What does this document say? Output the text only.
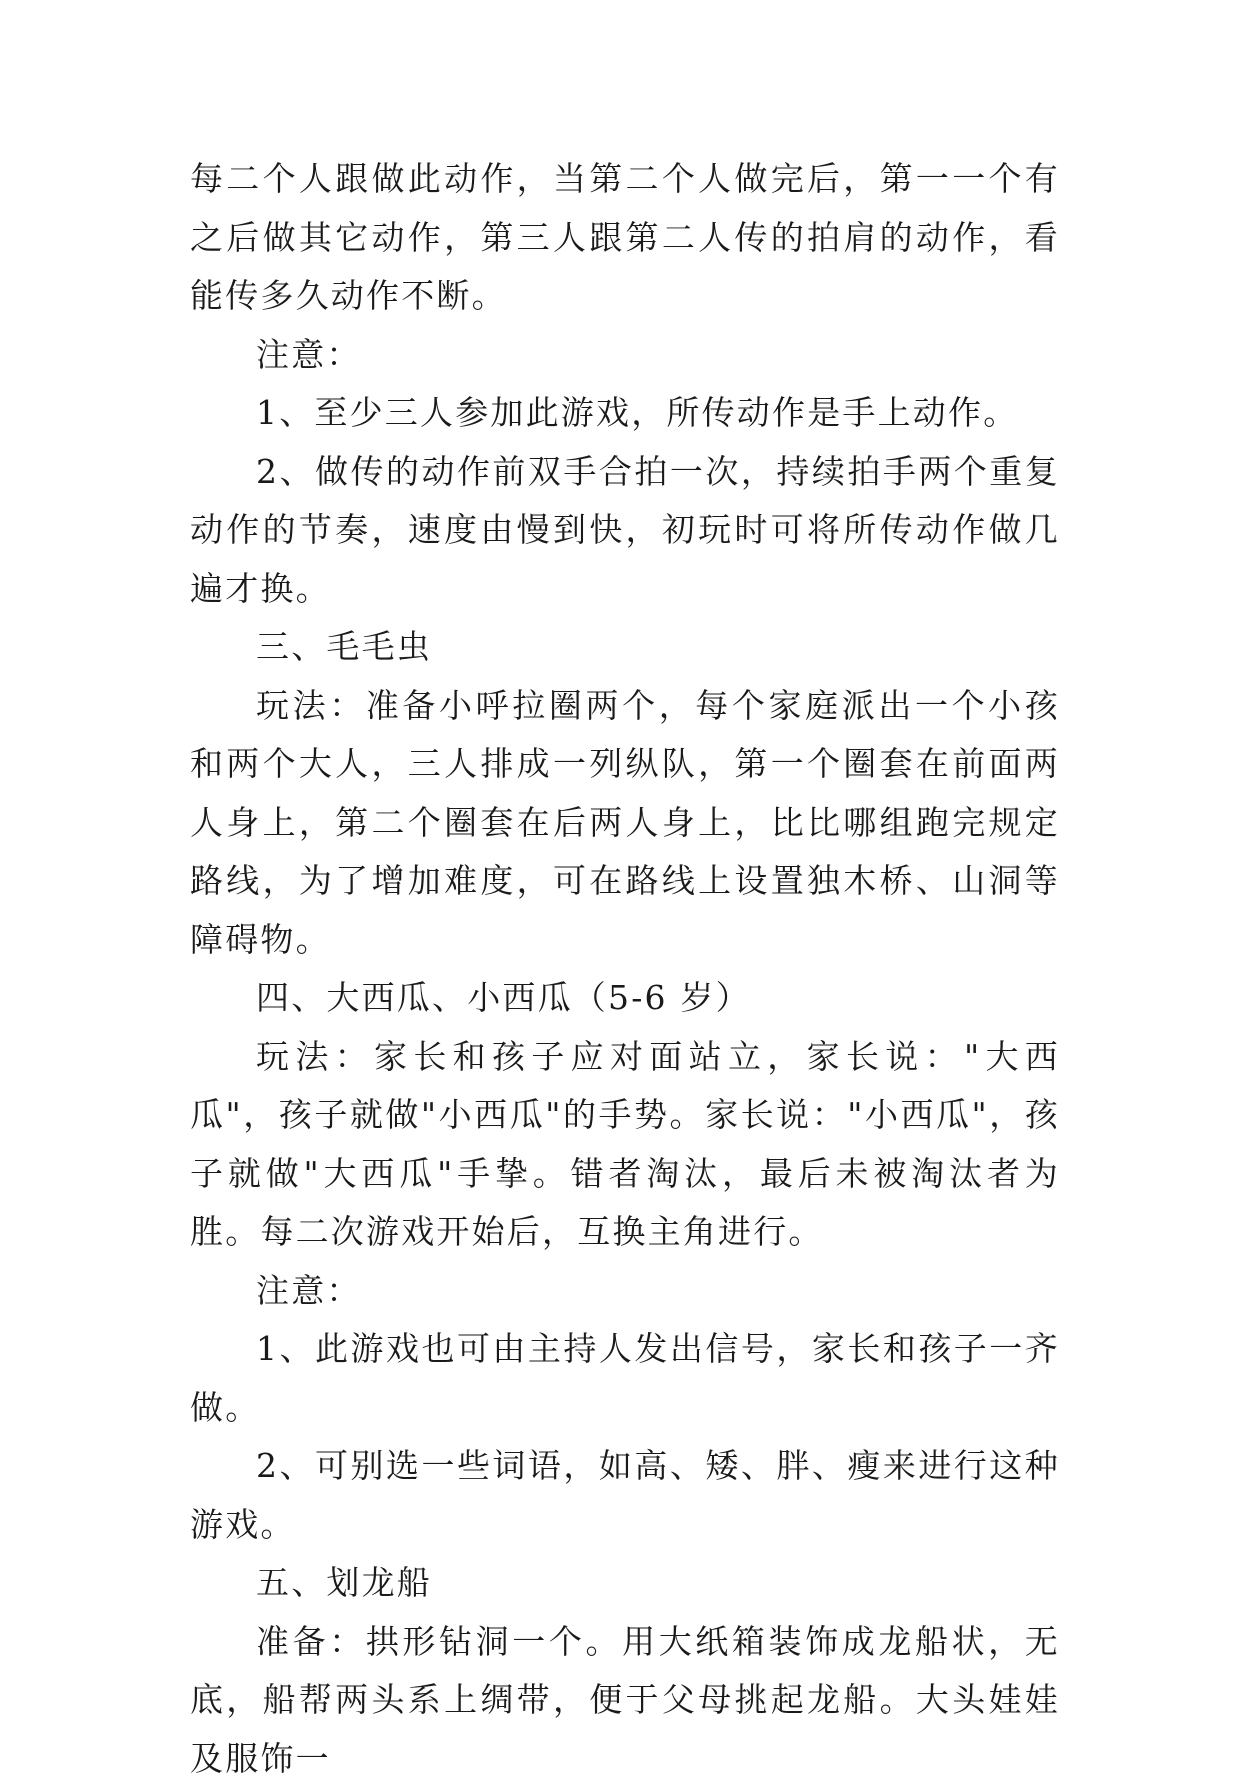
每二个人跟做此动作，当第二个人做完后，第一一个有之后做其它动作，第三人跟第二人传的拍肩的动作，看能传多久动作不断。

注意：

1、至少三人参加此游戏，所传动作是手上动作。

2、做传的动作前双手合拍一次，持续拍手两个重复动作的节奏，速度由慢到快，初玩时可将所传动作做几遍才换。

三、毛毛虫

玩法：准备小呼拉圈两个，每个家庭派出一个小孩和两个大人，三人排成一列纵队，第一个圈套在前面两人身上，第二个圈套在后两人身上，比比哪组跑完规定路线，为了增加难度，可在路线上设置独木桥、山洞等障碍物。

四、大西瓜、小西瓜（5-6 岁）

玩法：家长和孩子应对面站立，家长说："大西瓜"，孩子就做"小西瓜"的手势。家长说："小西瓜"，孩子就做"大西瓜"手挚。错者淘汰，最后未被淘汰者为胜。每二次游戏开始后，互换主角进行。

注意：

1、此游戏也可由主持人发出信号，家长和孩子一齐做。

2、可别选一些词语，如高、矮、胖、瘦来进行这种游戏。

五、划龙船

准备：拱形钻洞一个。用大纸箱装饰成龙船状，无底，船帮两头系上绸带，便于父母挑起龙船。大头娃娃及服饰一
